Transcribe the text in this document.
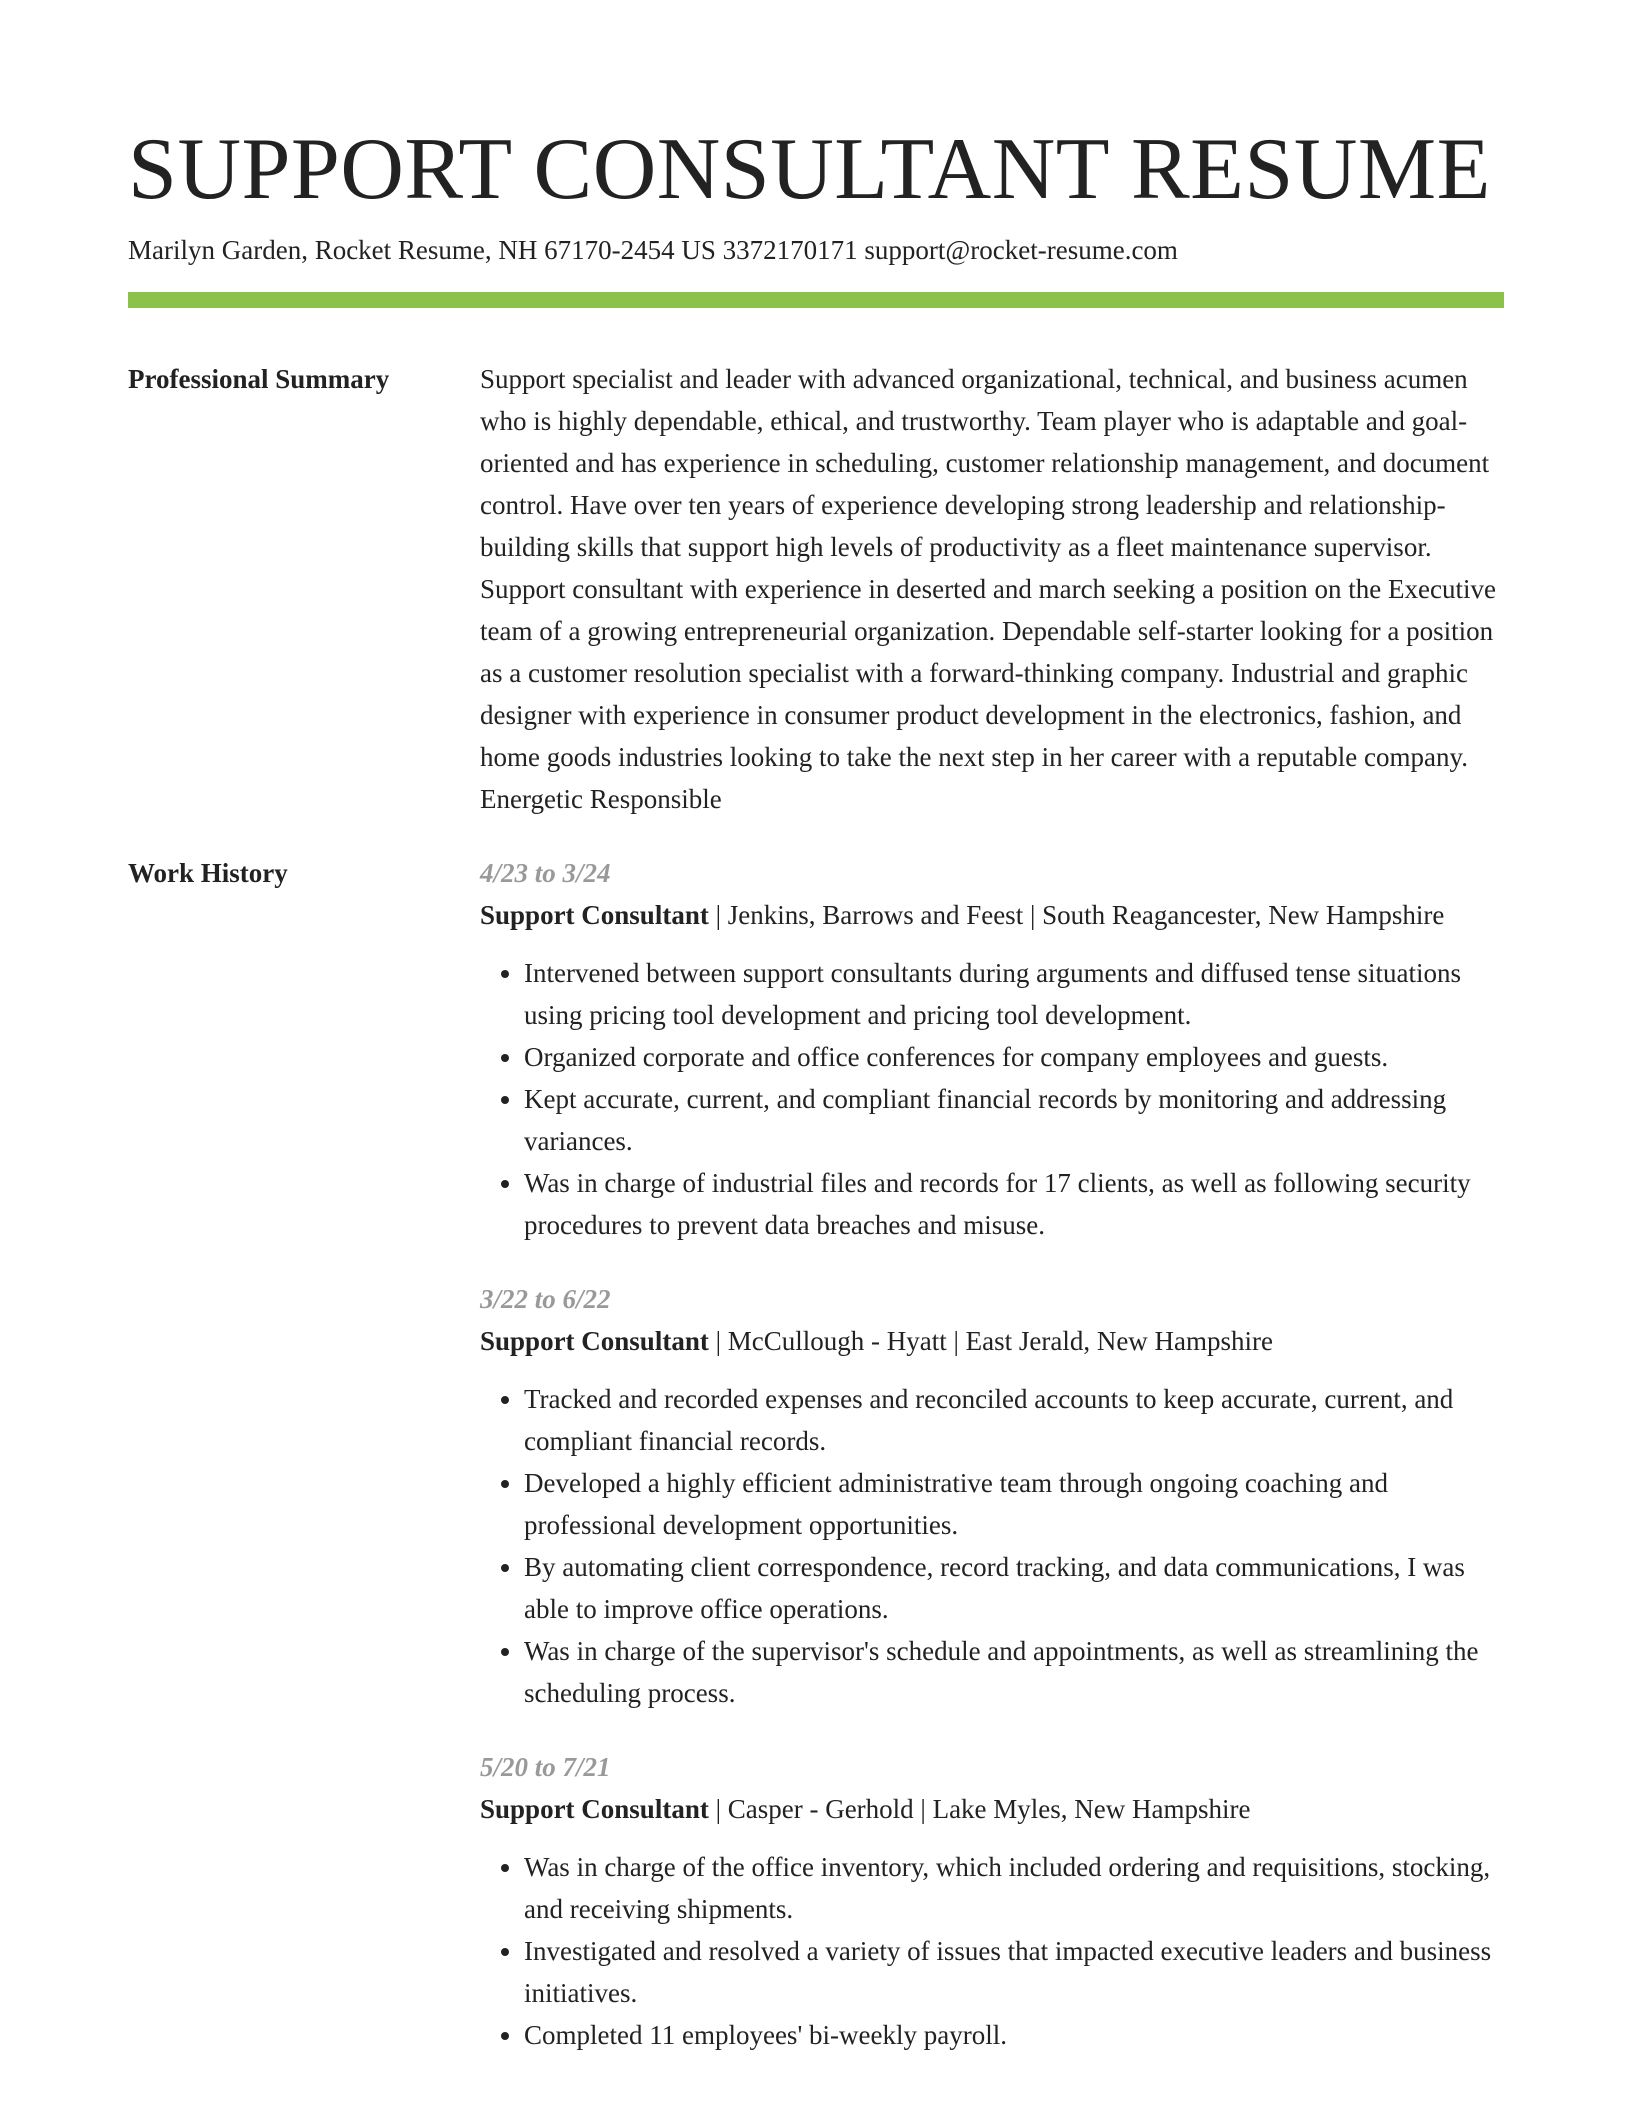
SUPPORT CONSULTANT RESUME
Marilyn Garden, Rocket Resume, NH 67170-2454 US 3372170171 support@rocket-resume.com
Professional Summary	Support specialist and leader with advanced organizational, technical, and business acumen who is highly dependable, ethical, and trustworthy. Team player who is adaptable and goal-oriented and has experience in scheduling, customer relationship management, and document control. Have over ten years of experience developing strong leadership and relationship-building skills that support high levels of productivity as a fleet maintenance supervisor. Support consultant with experience in deserted and march seeking a position on the Executive team of a growing entrepreneurial organization. Dependable self-starter looking for a position as a customer resolution specialist with a forward-thinking company. Industrial and graphic designer with experience in consumer product development in the electronics, fashion, and home goods industries looking to take the next step in her career with a reputable company. Energetic Responsible

Work History	4/23 to 3/24
Support Consultant | Jenkins, Barrows and Feest | South Reagancester, New Hampshire
• Intervened between support consultants during arguments and diffused tense situations using pricing tool development and pricing tool development.
• Organized corporate and office conferences for company employees and guests.
• Kept accurate, current, and compliant financial records by monitoring and addressing variances.
• Was in charge of industrial files and records for 17 clients, as well as following security procedures to prevent data breaches and misuse.
3/22 to 6/22
Support Consultant | McCullough - Hyatt | East Jerald, New Hampshire
• Tracked and recorded expenses and reconciled accounts to keep accurate, current, and compliant financial records.
• Developed a highly efficient administrative team through ongoing coaching and professional development opportunities.
• By automating client correspondence, record tracking, and data communications, I was able to improve office operations.
• Was in charge of the supervisor's schedule and appointments, as well as streamlining the scheduling process.
5/20 to 7/21
Support Consultant | Casper - Gerhold | Lake Myles, New Hampshire
• Was in charge of the office inventory, which included ordering and requisitions, stocking, and receiving shipments.
• Investigated and resolved a variety of issues that impacted executive leaders and business initiatives.
• Completed 11 employees' bi-weekly payroll.
